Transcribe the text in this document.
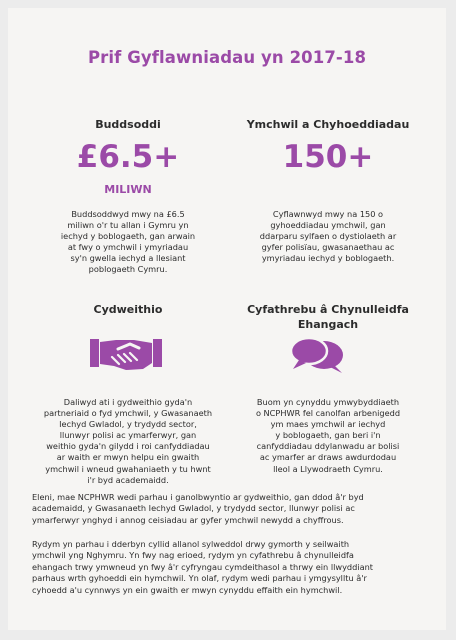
Prif Gyflawniadau yn 2017-18
Buddsoddi
£6.5+
MILIWN
Buddsoddwyd mwy na £6.5
miliwn o'r tu allan i Gymru yn
iechyd y boblogaeth, gan arwain
at fwy o ymchwil i ymyriadau
sy'n gwella iechyd a llesiant
poblogaeth Cymru.
Ymchwil a Chyhoeddiadau
150+
Cyflawnwyd mwy na 150 o
gyhoeddiadau ymchwil, gan
ddarparu sylfaen o dystiolaeth ar
gyfer polisïau, gwasanaethau ac
ymyriadau iechyd y boblogaeth.
Cydweithio
Daliwyd ati i gydweithio gyda'n
partneriaid o fyd ymchwil, y Gwasanaeth
Iechyd Gwladol, y trydydd sector,
llunwyr polisi ac ymarferwyr, gan
weithio gyda'n gilydd i roi canfyddiadau
ar waith er mwyn helpu ein gwaith
ymchwil i wneud gwahaniaeth y tu hwnt
i'r byd academaidd.
Cyfathrebu â Chynulleidfa
Ehangach
Buom yn cynyddu ymwybyddiaeth
o NCPHWR fel canolfan arbenigedd
ym maes ymchwil ar iechyd
y boblogaeth, gan beri i'n
canfyddiadau ddylanwadu ar bolisi
ac ymarfer ar draws awdurdodau
lleol a Llywodraeth Cymru.
Eleni, mae NCPHWR wedi parhau i ganolbwyntio ar gydweithio, gan ddod â'r byd
academaidd, y Gwasanaeth Iechyd Gwladol, y trydydd sector, llunwyr polisi ac
ymarferwyr ynghyd i annog ceisiadau ar gyfer ymchwil newydd a chyffrous.
Rydym yn parhau i dderbyn cyllid allanol sylweddol drwy gymorth y seilwaith
ymchwil yng Nghymru. Yn fwy nag erioed, rydym yn cyfathrebu â chynulleidfa
ehangach trwy ymwneud yn fwy â'r cyfryngau cymdeithasol a thrwy ein llwyddiant
parhaus wrth gyhoeddi ein hymchwil. Yn olaf, rydym wedi parhau i ymgysylltu â'r
cyhoedd a'u cynnwys yn ein gwaith er mwyn cynyddu effaith ein hymchwil.
